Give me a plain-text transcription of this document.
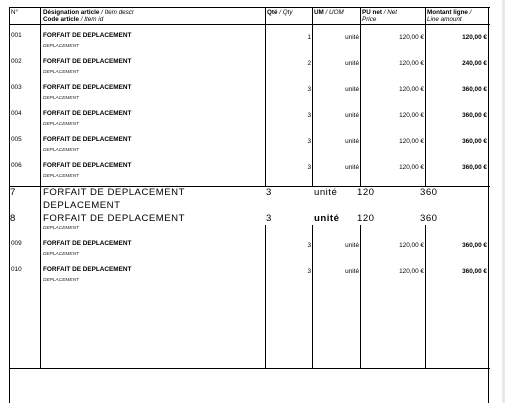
N°	Désignation article / Item descr
Code article / Item id
Qté / Qty	UM / UOM	PU net / Net
Price
Montant ligne /
Line amount
001	FORFAIT DE DEPLACEMENT
DEPLACEMENT
1	unité	120,00 €	120,00 €
002	FORFAIT DE DEPLACEMENT
DEPLACEMENT
2	unité	120,00 €	240,00 €
003	FORFAIT DE DEPLACEMENT
DEPLACEMENT
3	unité	120,00 €	360,00 €
004	FORFAIT DE DEPLACEMENT
DEPLACEMENT
3	unité	120,00 €	360,00 €
005	FORFAIT DE DEPLACEMENT
DEPLACEMENT
3	unité	120,00 €	360,00 €
006	FORFAIT DE DEPLACEMENT
DEPLACEMENT
3	unité	120,00 €	360,00 €
7	FORFAIT DE DEPLACEMENT
DEPLACEMENT
3	unité 120	360
8	FORFAIT DE DEPLACEMENT
DEPLACEMENT
3	unité 120	360
009	FORFAIT DE DEPLACEMENT
DEPLACEMENT
3	unité	120,00 €	360,00 €
010	FORFAIT DE DEPLACEMENT
DEPLACEMENT
3	unité	120,00 €	360,00 €
